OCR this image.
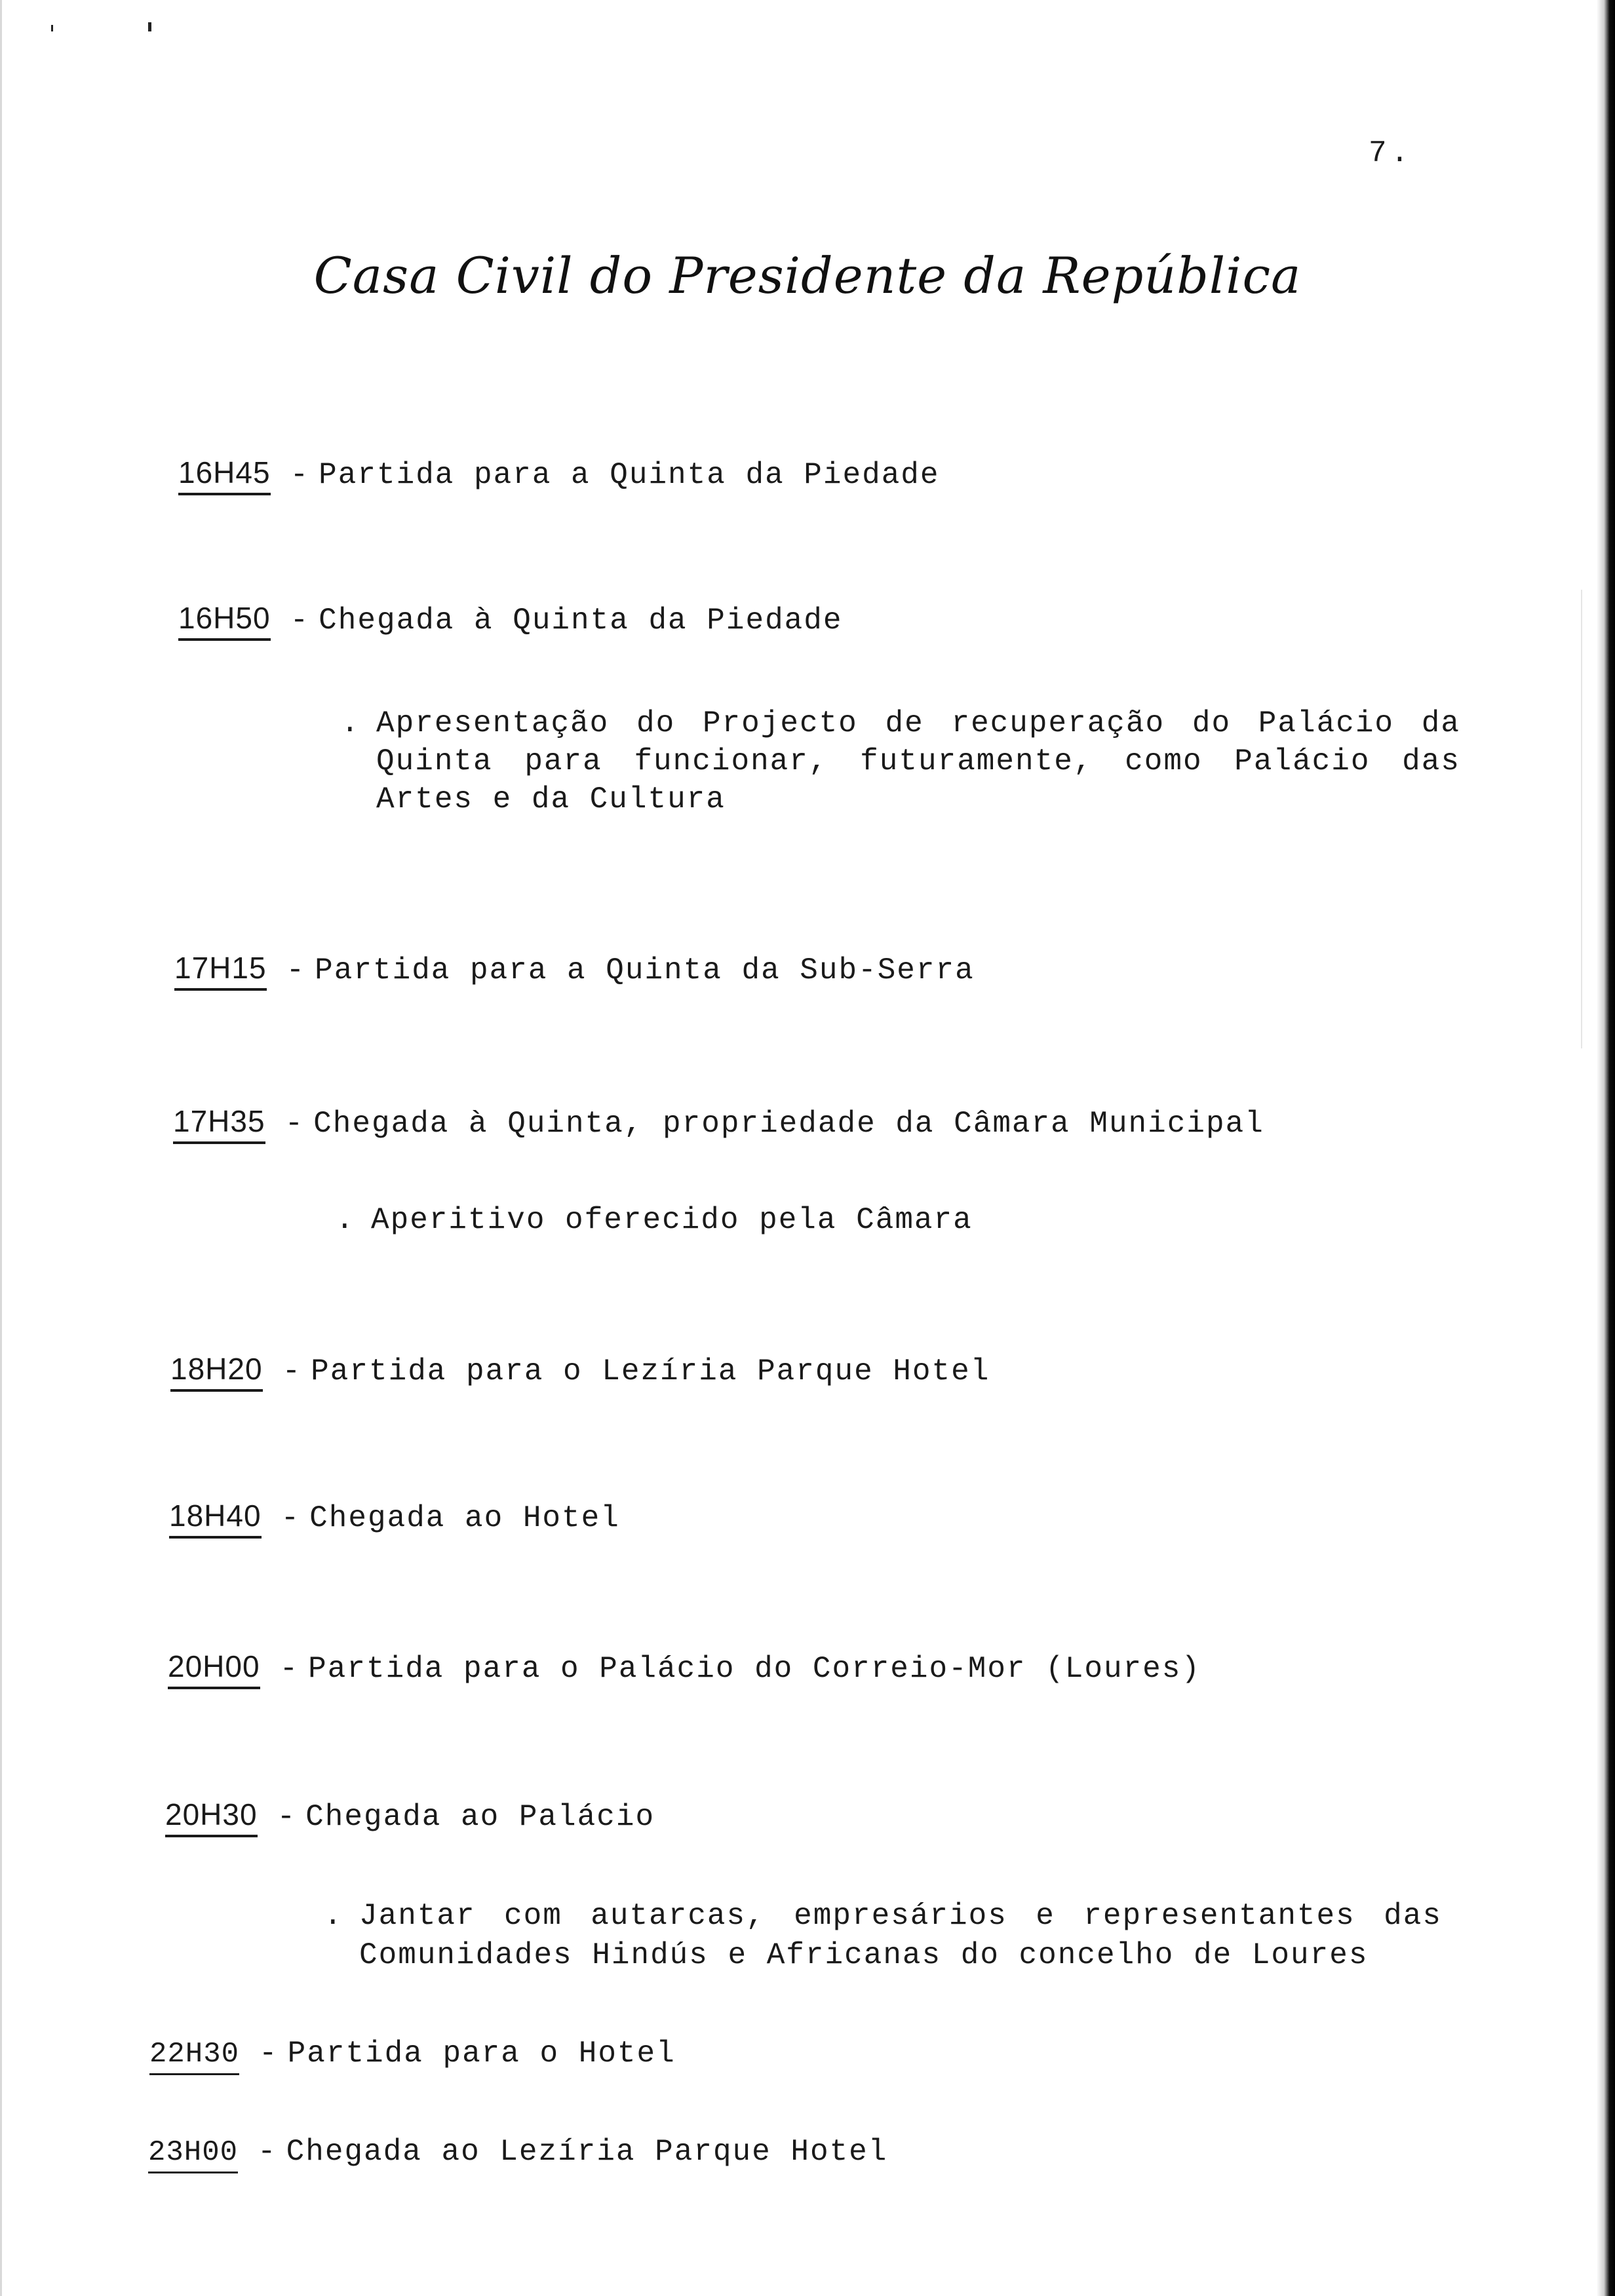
7.
Casa Civil do Presidente da República
16H45 - Partida para a Quinta da Piedade
16H50 - Chegada à Quinta da Piedade
. Apresentação do Projecto de recuperação do Palácio da
Quinta para funcionar, futuramente, como Palácio das
Artes e da Cultura
17H15 - Partida para a Quinta da Sub-Serra
17H35 - Chegada à Quinta, propriedade da Câmara Municipal
. Aperitivo oferecido pela Câmara
18H20 - Partida para o Lezíria Parque Hotel
18H40 - Chegada ao Hotel
20H00 - Partida para o Palácio do Correio-Mor (Loures)
20H30 - Chegada ao Palácio
. Jantar com autarcas, empresários e representantes das
Comunidades Hindús e Africanas do concelho de Loures
22H30 - Partida para o Hotel
23H00 - Chegada ao Lezíria Parque Hotel
